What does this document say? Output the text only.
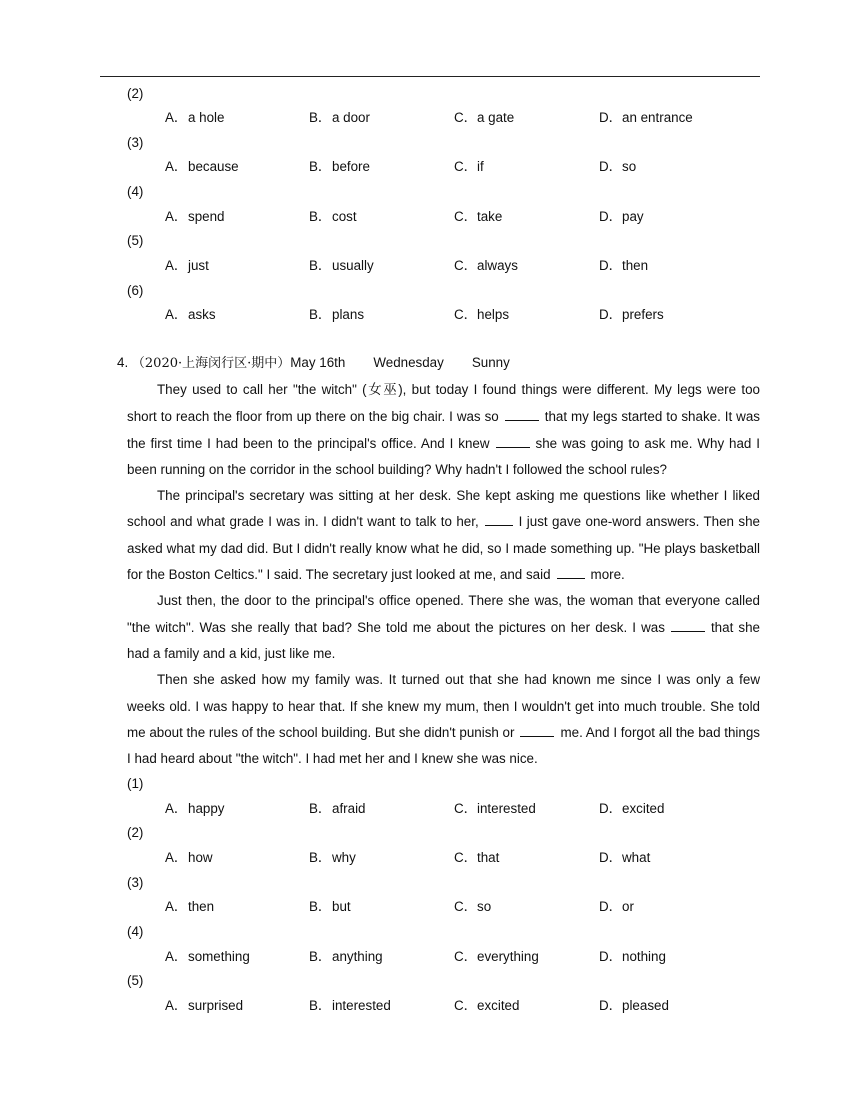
(2)
A．a hole	B．a door	C．a gate	D．an entrance
(3)
A．because	B．before	C．if	D．so
(4)
A．spend	B．cost	C．take	D．pay
(5)
A．just	B．usually	C．always	D．then
(6)
A．asks	B．plans	C．helps	D．prefers
4. （2020·上海闵行区·期中）May 16th Wednesday Sunny

They used to call her "the witch" (女巫), but today I found things were different. My legs were too short to reach the floor from up there on the big chair. I was so	that my legs started to shake. It was the first time I had been to the principal's office. And I knew	she was going to ask me. Why had I been running on the corridor in the school building? Why hadn't I followed the school rules?

The principal's secretary was sitting at her desk. She kept asking me questions like whether I liked school and what grade I was in. I didn't want to talk to her,	I just gave one-word answers. Then she asked what my dad did. But I didn't really know what he did, so I made something up. "He plays basketball for the Boston Celtics." I said. The secretary just looked at me, and said	more.

Just then, the door to the principal's office opened. There she was, the woman that everyone called "the witch". Was she really that bad? She told me about the pictures on her desk. I was	that she had a family and a kid, just like me.

Then she asked how my family was. It turned out that she had known me since I was only a few weeks old. I was happy to hear that. If she knew my mum, then I wouldn't get into much trouble. She told me about the rules of the school building. But she didn't punish or	me. And I forgot all the bad things I had heard about "the witch". I had met her and I knew she was nice.

(1)
A．happy	B．afraid	C．interested	D．excited
(2)
A．how	B．why	C．that	D．what
(3)
A．then	B．but	C．so	D．or
(4)
A．something	B．anything	C．everything	D．nothing
(5)
A．surprised	B．interested	C．excited	D．pleased
